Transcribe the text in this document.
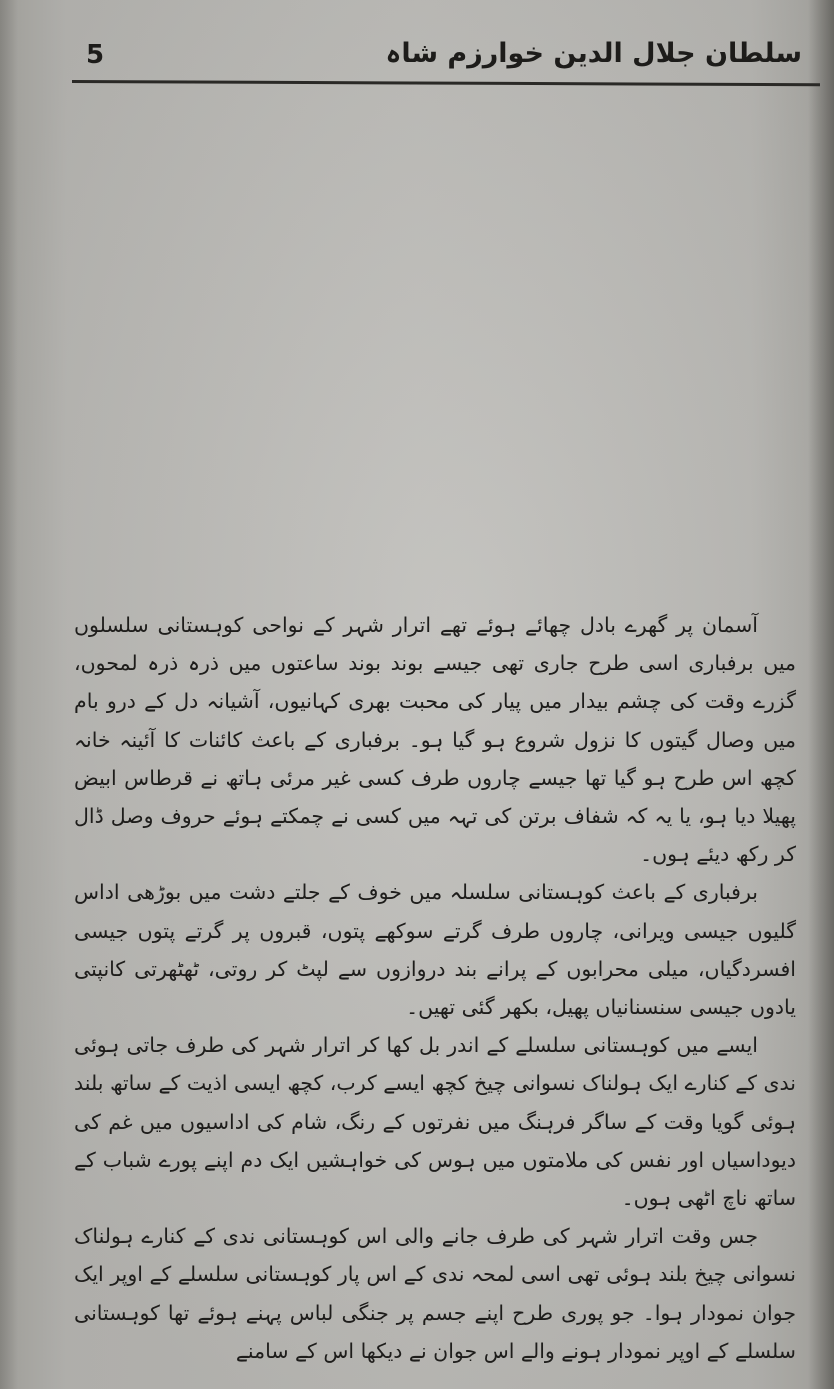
5	سلطان جلال الدین خوارزم شاہ

آسمان پر گھرے بادل چھائے ہوئے تھے اترار شہر کے نواحی کوہستانی سلسلوں میں برفباری اسی طرح جاری تھی جیسے بوند بوند ساعتوں میں ذرہ ذرہ لمحوں، گزرے وقت کی چشم بیدار میں پیار کی محبت بھری کہانیوں، آشیانہ دل کے درو بام میں وصال گیتوں کا نزول شروع ہو گیا ہو۔ برفباری کے باعث کائنات کا آئینہ خانہ کچھ اس طرح ہو گیا تھا جیسے چاروں طرف کسی غیر مرئی ہاتھ نے قرطاس ابیض پھیلا دیا ہو، یا یہ کہ شفاف برتن کی تہہ میں کسی نے چمکتے ہوئے حروف وصل ڈال کر رکھ دیئے ہوں۔

برفباری کے باعث کوہستانی سلسلہ میں خوف کے جلتے دشت میں بوڑھی اداس گلیوں جیسی ویرانی، چاروں طرف گرتے سوکھے پتوں، قبروں پر گرتے پتوں جیسی افسردگیاں، میلی محرابوں کے پرانے بند دروازوں سے لپٹ کر روتی، ٹھٹھرتی کانپتی یادوں جیسی سنسنانیاں پھیل، بکھر گئی تھیں۔

ایسے میں کوہستانی سلسلے کے اندر بل کھا کر اترار شہر کی طرف جاتی ہوئی ندی کے کنارے ایک ہولناک نسوانی چیخ کچھ ایسے کرب، کچھ ایسی اذیت کے ساتھ بلند ہوئی گویا وقت کے ساگر فرہنگ میں نفرتوں کے رنگ، شام کی اداسیوں میں غم کی دیوداسیاں اور نفس کی ملامتوں میں ہوس کی خواہشیں ایک دم اپنے پورے شباب کے ساتھ ناچ اٹھی ہوں۔

جس وقت اترار شہر کی طرف جانے والی اس کوہستانی ندی کے کنارے ہولناک نسوانی چیخ بلند ہوئی تھی اسی لمحہ ندی کے اس پار کوہستانی سلسلے کے اوپر ایک جوان نمودار ہوا۔ جو پوری طرح اپنے جسم پر جنگی لباس پہنے ہوئے تھا کوہستانی سلسلے کے اوپر نمودار ہونے والے اس جوان نے دیکھا اس کے سامنے
